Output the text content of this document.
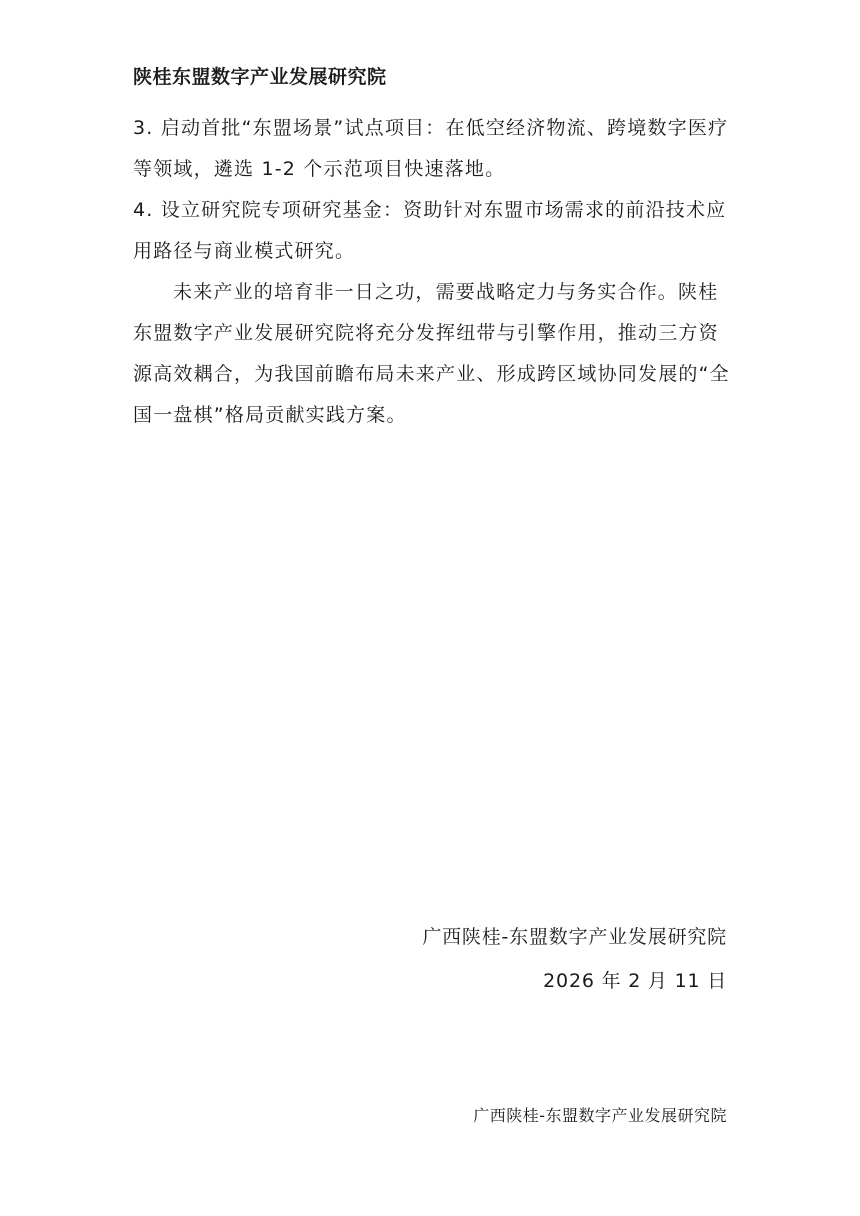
陕桂东盟数字产业发展研究院

3. 启动首批“东盟场景”试点项目：在低空经济物流、跨境数字医疗等领域，遴选 1-2 个示范项目快速落地。

4. 设立研究院专项研究基金：资助针对东盟市场需求的前沿技术应用路径与商业模式研究。

未来产业的培育非一日之功，需要战略定力与务实合作。陕桂东盟数字产业发展研究院将充分发挥纽带与引擎作用，推动三方资源高效耦合，为我国前瞻布局未来产业、形成跨区域协同发展的“全国一盘棋”格局贡献实践方案。

广西陕桂-东盟数字产业发展研究院
2026 年 2 月 11 日
广西陕桂-东盟数字产业发展研究院
